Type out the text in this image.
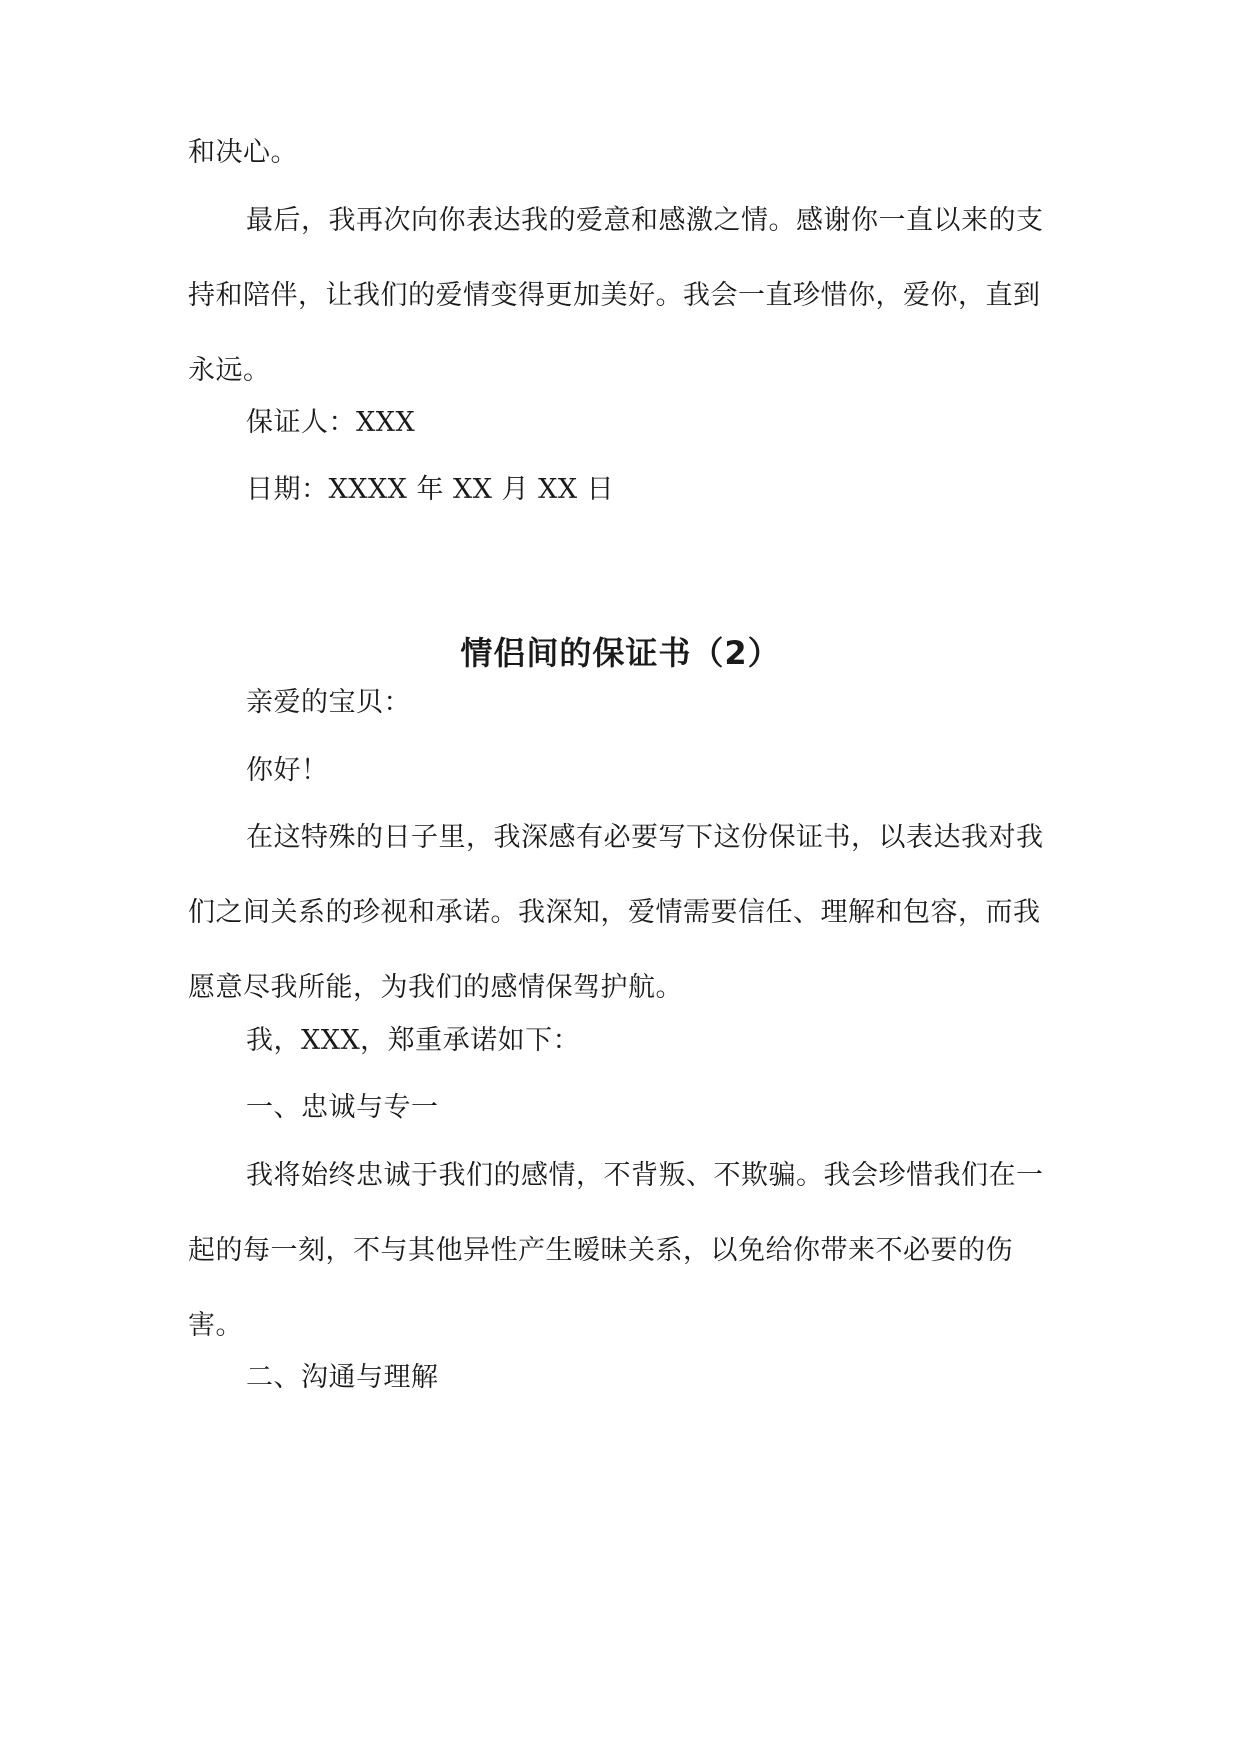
和决心。
最后，我再次向你表达我的爱意和感激之情。感谢你一直以来的支持和陪伴，让我们的爱情变得更加美好。我会一直珍惜你，爱你，直到永远。
保证人：XXX
日期：XXXX 年 XX 月 XX 日
情侣间的保证书（2）
亲爱的宝贝：
你好！
在这特殊的日子里，我深感有必要写下这份保证书，以表达我对我们之间关系的珍视和承诺。我深知，爱情需要信任、理解和包容，而我愿意尽我所能，为我们的感情保驾护航。
我，XXX，郑重承诺如下：
一、忠诚与专一
我将始终忠诚于我们的感情，不背叛、不欺骗。我会珍惜我们在一起的每一刻，不与其他异性产生暧昧关系，以免给你带来不必要的伤害。
二、沟通与理解
